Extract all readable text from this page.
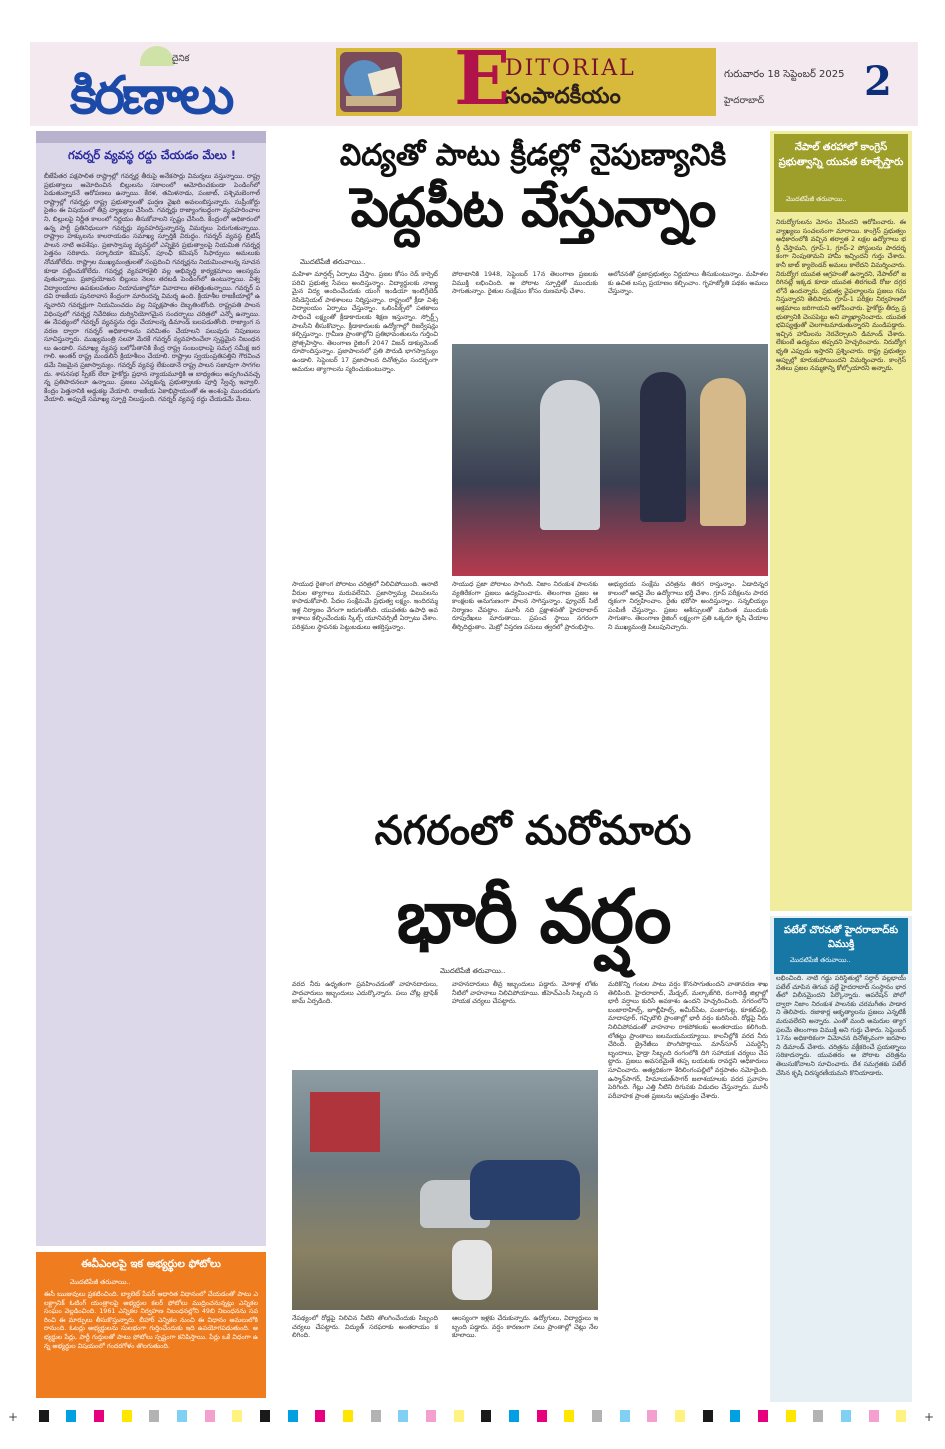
దైనిక
కిరణాలు	E
DITORIAL
సంపాదకీయం
గురువారం 18 సెప్టెంబర్ 2025
హైదరాబాద్ 2
గవర్నర్ వ్యవస్థ రద్దు చేయడం మేలు !
బీజేపేతర పక్షపాలిత రాష్ట్రాల్లో గవర్నర్ల తీరుపై అనేకసార్లు విమర్శలు వస్తున్నాయి. రాష్ట్ర ప్రభుత్వాలు ఆమోదించిన బిల్లులను సకాలంలో ఆమోదించకుండా పెండింగ్‌లో పెడుతున్నారనే ఆరోపణలు ఉన్నాయి. కేరళ, తమిళనాడు, పంజాబ్, పశ్చిమబెంగాల్ రాష్ట్రాల్లో గవర్నర్లు రాష్ట్ర ప్రభుత్వాలతో ఘర్షణ వైఖరి అవలంబిస్తున్నారు. సుప్రీంకోర్టు సైతం ఈ విషయంలో తీవ్ర వ్యాఖ్యలు చేసింది. గవర్నర్లు రాజ్యాంగబద్ధంగా వ్యవహరించాలని, బిల్లులపై నిర్ణీత కాలంలో నిర్ణయం తీసుకోవాలని స్పష్టం చేసింది. కేంద్రంలో అధికారంలో ఉన్న పార్టీ ప్రతినిధులుగా గవర్నర్లు వ్యవహరిస్తున్నారన్న విమర్శలు పెరుగుతున్నాయి. రాష్ట్రాల హక్కులను కాలరాయడం సమాఖ్య స్ఫూర్తికి విరుద్ధం. గవర్నర్ వ్యవస్థ బ్రిటిష్ పాలన నాటి అవశేషం. ప్రజాస్వామ్య వ్యవస్థలో ఎన్నికైన ప్రభుత్వాలపై నియమిత గవర్నర్ల పెత్తనం సరికాదు. సర్కారియా కమిషన్, పూంఛీ కమిషన్ సిఫార్సులు అమలుకు నోచుకోలేదు. రాష్ట్రాల ముఖ్యమంత్రులతో సంప్రదించి గవర్నర్లను నియమించాలన్న సూచన కూడా పట్టించుకోలేదు. గవర్నర్ల వ్యవహారశైలి వల్ల అభివృద్ధి కార్యక్రమాలు ఆలస్యమవుతున్నాయి. ప్రజాప్రయోజన బిల్లులు నెలల తరబడి పెండింగ్‌లో ఉంటున్నాయి. విశ్వవిద్యాలయాల ఉపకులపతుల నియామకాల్లోనూ వివాదాలు తలెత్తుతున్నాయి. గవర్నర్ పదవి రాజకీయ పునరావాస కేంద్రంగా మారిందన్న విమర్శ ఉంది. క్రియాశీల రాజకీయాల్లో ఉన్నవారిని గవర్నర్లుగా నియమించడం వల్ల నిష్పక్షపాతం దెబ్బతింటోంది. రాష్ట్రపతి పాలన విధింపులో గవర్నర్ల నివేదికలు దుర్వినియోగమైన సందర్భాలు చరిత్రలో ఎన్నో ఉన్నాయి. ఈ నేపథ్యంలో గవర్నర్ వ్యవస్థను రద్దు చేయాలన్న డిమాండ్ బలపడుతోంది. రాజ్యాంగ సవరణ ద్వారా గవర్నర్ అధికారాలను పరిమితం చేయాలని పలువురు నిపుణులు సూచిస్తున్నారు. ముఖ్యమంత్రి సలహా మేరకే గవర్నర్ వ్యవహరించేలా స్పష్టమైన నిబంధనలు ఉండాలి. సమాఖ్య వ్యవస్థ బలోపేతానికి కేంద్ర రాష్ట్ర సంబంధాలపై సమగ్ర సమీక్ష జరగాలి. అంతర్ రాష్ట్ర మండలిని క్రియాశీలం చేయాలి. రాష్ట్రాల స్వయంప్రతిపత్తిని గౌరవించడమే నిజమైన ప్రజాస్వామ్యం. గవర్నర్ వ్యవస్థ లేకుండానే రాష్ట్ర పాలన సజావుగా సాగగలదు. శాసనసభ స్పీకర్ లేదా హైకోర్టు ప్రధాన న్యాయమూర్తికి ఆ బాధ్యతలు అప్పగించవచ్చన్న ప్రతిపాదనలూ ఉన్నాయి. ప్రజలు ఎన్నుకున్న ప్రభుత్వాలకు పూర్తి స్వేచ్ఛ ఇవ్వాలి. కేంద్రం పెత్తనానికి అడ్డుకట్ట వేయాలి. రాజకీయ ఏకాభిప్రాయంతో ఈ అంశంపై ముందడుగు వేయాలి. అప్పుడే సమాఖ్య స్ఫూర్తి నిలుస్తుంది. గవర్నర్ వ్యవస్థ రద్దు చేయడమే మేలు.
ఈవీఎంలపై ఇక అభ్యర్థుల ఫోటోలు
మొదటిపేజీ తరువాయి..
ఈసీ ఋజువులు ప్రకటించింది. బ్యాలెట్ పేపర్ ఆధారిత విధానంలో చేయడంతో పాటు ఎలక్ట్రానిక్ ఓటింగ్ యంత్రాలపై అభ్యర్థుల కలర్ ఫోటోలు ముద్రించనున్నట్లు ఎన్నికల సంఘం వెల్లడించింది. 1961 ఎన్నికల నిర్వహణ నిబంధనల్లోని 49బి నిబంధనను సవరించి ఈ మార్పులు తీసుకొస్తున్నారు. బీహార్ ఎన్నికల నుంచి ఈ విధానం అమలులోకి రానుంది. ఓటర్లు అభ్యర్థులను సులభంగా గుర్తించేందుకు ఇది ఉపయోగపడుతుంది. అభ్యర్థుల పేర్లు, పార్టీ గుర్తులతో పాటు ఫోటోలు స్పష్టంగా కనిపిస్తాయి. పేర్లు ఒకే విధంగా ఉన్న అభ్యర్థుల విషయంలో గందరగోళం తొలగుతుంది.
విద్యతో పాటు క్రీడల్లో నైపుణ్యానికి
పెద్దపీట వేస్తున్నాం
మొదటిపేజీ తరువాయి..
మహిళా మార్షల్స్ ఏర్పాటు చేస్తాం. ప్రజల కోసం రెడ్ కార్పెట్ పరిచి ప్రభుత్వ సేవలు అందిస్తున్నాం. విద్యార్థులకు నాణ్యమైన విద్య అందించేందుకు యంగ్ ఇండియా ఇంటిగ్రేటెడ్ రెసిడెన్షియల్ పాఠశాలలు నిర్మిస్తున్నాం. రాష్ట్రంలో క్రీడా విశ్వవిద్యాలయం ఏర్పాటు చేస్తున్నాం. ఒలింపిక్స్‌లో పతకాలు సాధించే లక్ష్యంతో క్రీడాకారులకు శిక్షణ ఇస్తున్నాం. స్పోర్ట్స్ పాలసీని తీసుకొచ్చాం. క్రీడాకారులకు ఉద్యోగాల్లో రిజర్వేషన్లు కల్పిస్తున్నాం. గ్రామీణ ప్రాంతాల్లోని ప్రతిభావంతులను గుర్తించి ప్రోత్సహిస్తాం. తెలంగాణ రైజింగ్ 2047 విజన్ డాక్యుమెంట్ రూపొందిస్తున్నాం. ప్రజాపాలనలో ప్రతి పౌరుడి భాగస్వామ్యం ఉండాలి. సెప్టెంబర్ 17 ప్రజాపాలన దినోత్సవం సందర్భంగా అమరుల త్యాగాలను స్మరించుకుంటున్నాం.
పోరాటానికి 1948, సెప్టెంబర్ 17న తెలంగాణ ప్రజలకు విముక్తి లభించింది. ఆ పోరాట స్ఫూర్తితో ముందుకు సాగుతున్నాం. రైతుల సంక్షేమం కోసం రుణమాఫీ చేశాం.
అలోచనతో ప్రజాప్రభుత్వం నిర్ణయాలు తీసుకుంటున్నాం. మహిళలకు ఉచిత బస్సు ప్రయాణం కల్పించాం. గృహజ్యోతి పథకం అమలు చేస్తున్నాం.
సాయుధ రైతాంగ పోరాటం చరిత్రలో నిలిచిపోయింది. ఆనాటి వీరుల త్యాగాలు మరువలేనివి. ప్రజాస్వామ్య విలువలను కాపాడుకోవాలి. పేదల సంక్షేమమే ప్రభుత్వ లక్ష్యం. ఇందిరమ్మ ఇళ్ల నిర్మాణం వేగంగా జరుగుతోంది. యువతకు ఉపాధి అవకాశాలు కల్పించేందుకు స్కిల్స్ యూనివర్సిటీ ఏర్పాటు చేశాం. పరిశ్రమల స్థాపనకు పెట్టుబడులు ఆకర్షిస్తున్నాం.
సాయుధ ప్రజా పోరాటం సాగింది. నిజాం నిరంకుశ పాలనకు వ్యతిరేకంగా ప్రజలు ఉద్యమించారు. తెలంగాణ ప్రజల ఆకాంక్షలకు అనుగుణంగా పాలన సాగిస్తున్నాం. ఫ్యూచర్ సిటీ నిర్మాణం చేపట్టాం. మూసీ నది ప్రక్షాళనతో హైదరాబాద్ రూపురేఖలు మారుతాయి. ప్రపంచ స్థాయి నగరంగా తీర్చిదిద్దుతాం. మెట్రో విస్తరణ పనులు త్వరలో ప్రారంభిస్తాం.
అభ్యుదయ సంక్షేమ చరిత్రను తిరగ రాస్తున్నాం. ఏడాదిన్నర కాలంలో అరవై వేల ఉద్యోగాలు భర్తీ చేశాం. గ్రూప్ పరీక్షలను పారదర్శకంగా నిర్వహించాం. రైతు భరోసా అందిస్తున్నాం. సన్నబియ్యం పంపిణీ చేస్తున్నాం. ప్రజల ఆశీస్సులతో మరింత ముందుకు సాగుతాం. తెలంగాణ రైజింగ్ లక్ష్యంగా ప్రతి ఒక్కరూ కృషి చేయాలని ముఖ్యమంత్రి పిలుపునిచ్చారు.
నగరంలో మరోమారు
భారీ వర్షం
మొదటిపేజీ తరువాయి..
వరద నీరు ఉధృతంగా ప్రవహించడంతో వాహనదారులు, పాదచారులు ఇబ్బందులు ఎదుర్కొన్నారు. పలు చోట్ల ట్రాఫిక్ జామ్ ఏర్పడింది.
వాహనదారులు తీవ్ర ఇబ్బందులు పడ్డారు. మోకాళ్ల లోతు నీటిలో వాహనాలు నిలిచిపోయాయి. జీహెచ్ఎంసీ సిబ్బంది సహాయక చర్యలు చేపట్టారు.
మరికొన్ని గంటల పాటు వర్షం కొనసాగుతుందని వాతావరణ శాఖ తెలిపింది. హైదరాబాద్, మేడ్చల్, మల్కాజ్‌గిరి, రంగారెడ్డి జిల్లాల్లో భారీ వర్షాలు కురిసే అవకాశం ఉందని హెచ్చరించింది. నగరంలోని బంజారాహిల్స్, జూబ్లీహిల్స్, అమీర్‌పేట, పంజాగుట్ట, కూకట్‌పల్లి, మాదాపూర్, గచ్చిబౌలి ప్రాంతాల్లో భారీ వర్షం కురిసింది. రోడ్లపై నీరు నిలిచిపోవడంతో వాహనాల రాకపోకలకు అంతరాయం కలిగింది. లోతట్టు ప్రాంతాలు జలమయమయ్యాయి. కాలనీల్లోకి వరద నీరు చేరింది. డ్రైనేజీలు పొంగిపొర్లాయి. మాన్‌సూన్ ఎమర్జెన్సీ బృందాలు, హైడ్రా సిబ్బంది రంగంలోకి దిగి సహాయక చర్యలు చేపట్టారు. ప్రజలు అవసరమైతే తప్ప బయటకు రావద్దని అధికారులు సూచించారు. అత్యధికంగా శేరిలింగంపల్లిలో వర్షపాతం నమోదైంది. ఉస్మాన్‌సాగర్, హిమాయత్‌సాగర్ జలాశయాలకు వరద ప్రవాహం పెరిగింది. గేట్లు ఎత్తి నీటిని దిగువకు విడుదల చేస్తున్నారు. మూసీ పరీవాహక ప్రాంత ప్రజలను అప్రమత్తం చేశారు.
నేపథ్యంలో రోడ్లపై నిలిచిన నీటిని తొలగించేందుకు సిబ్బంది చర్యలు చేపట్టారు. విద్యుత్ సరఫరాకు అంతరాయం కలిగింది.
ఆలస్యంగా ఇళ్లకు చేరుకున్నారు. ఉద్యోగులు, విద్యార్థులు ఇబ్బంది పడ్డారు. వర్షం కారణంగా పలు ప్రాంతాల్లో చెట్లు నేలకూలాయి.
నేపాల్ తరహాలో కాంగ్రెస్ ప్రభుత్వాన్ని యువత కూల్చేస్తారు
మొదటిపేజీ తరువాయి..
నిరుద్యోగులను మోసం చేసిందని ఆరోపించారు. ఈ వ్యాఖ్యలు సంచలనంగా మారాయి. కాంగ్రెస్ ప్రభుత్వం అధికారంలోకి వచ్చిన తర్వాత 2 లక్షల ఉద్యోగాలు భర్తీ చేస్తామని, గ్రూప్-1, గ్రూప్-2 పోస్టులను పారదర్శకంగా నింపుతామని హామీ ఇచ్చిందని గుర్తు చేశారు. కానీ జాబ్ క్యాలెండర్ అమలు కాలేదని విమర్శించారు. నిరుద్యోగ యువత ఆగ్రహంతో ఉన్నారని, నేపాల్‌లో జరిగినట్లే ఇక్కడ కూడా యువత తిరగబడే రోజు దగ్గరలోనే ఉందన్నారు. ప్రభుత్వ వైఫల్యాలను ప్రజలు గమనిస్తున్నారని తెలిపారు. గ్రూప్-1 పరీక్షల నిర్వహణలో అక్రమాలు జరిగాయని ఆరోపించారు. హైకోర్టు తీర్పు ప్రభుత్వానికి చెంపపెట్టు అని వ్యాఖ్యానించారు. యువత భవిష్యత్తుతో చెలగాటమాడుతున్నారని మండిపడ్డారు. ఇచ్చిన హామీలను నెరవేర్చాలని డిమాండ్ చేశారు. లేకుంటే ఉద్యమం తప్పదని హెచ్చరించారు. నిరుద్యోగ భృతి ఎప్పుడు ఇస్తారని ప్రశ్నించారు. రాష్ట్ర ప్రభుత్వం అప్పుల్లో కూరుకుపోయిందని విమర్శించారు. కాంగ్రెస్ నేతలు ప్రజల నమ్మకాన్ని కోల్పోయారని అన్నారు.
పటేల్ చొరవతో హైదరాబాద్‌కు విముక్తి
మొదటిపేజీ తరువాయి..
లభించింది. నాటి గడ్డు పరిస్థితుల్లో సర్దార్ వల్లభాయ్ పటేల్ చూపిన తెగువ వల్లే హైదరాబాద్ సంస్థానం భారత్‌లో విలీనమైందని పేర్కొన్నారు. ఆపరేషన్ పోలో ద్వారా నిజాం నిరంకుశ పాలనకు చరమగీతం పాడారని తెలిపారు. రజాకార్ల అకృత్యాలను ప్రజలు ఎన్నటికీ మరువలేరని అన్నారు. ఎంతో మంది అమరుల త్యాగఫలమే తెలంగాణ విముక్తి అని గుర్తు చేశారు. సెప్టెంబర్ 17ను అధికారికంగా విమోచన దినోత్సవంగా జరపాలని డిమాండ్ చేశారు. చరిత్రను వక్రీకరించే ప్రయత్నాలు సరికాదన్నారు. యువతరం ఆ పోరాట చరిత్రను తెలుసుకోవాలని సూచించారు. దేశ సమగ్రతకు పటేల్ చేసిన కృషి చిరస్మరణీయమని కొనియాడారు.
+	+
